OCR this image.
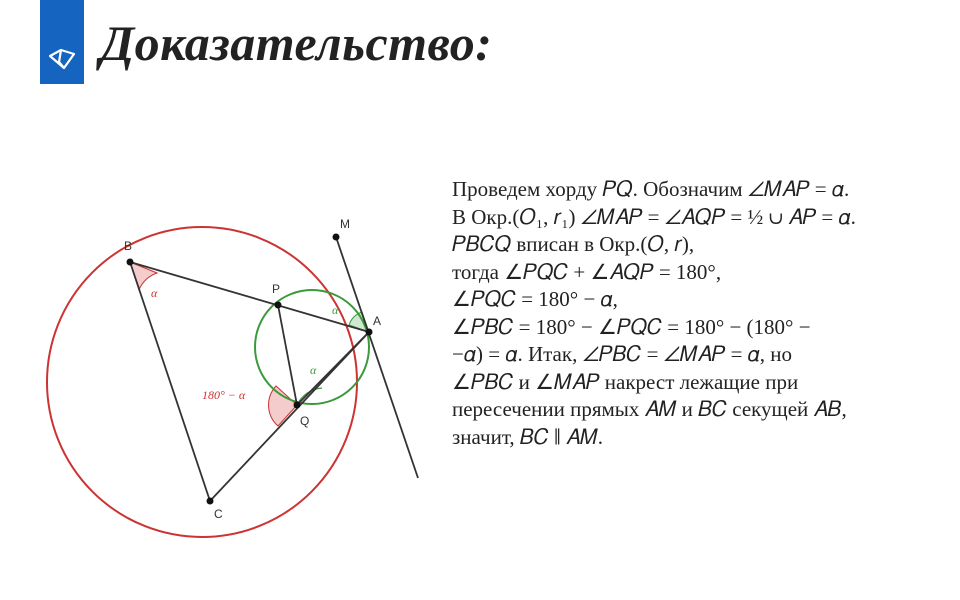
Доказательство:
B
P
A
M
Q
C
α
α
α
180° − α
Проведем хорду 𝑃𝑄. Обозначим ∠𝑀𝐴𝑃 = 𝛼.
В Окр.(𝑂₁, 𝑟₁) ∠𝑀𝐴𝑃 = ∠𝐴𝑄𝑃 = ½ ∪ 𝐴𝑃 = 𝛼.
𝑃𝐵𝐶𝑄 вписан в Окр.(𝑂, 𝑟),
тогда ∠𝑃𝑄𝐶 + ∠𝐴𝑄𝑃 = 180°,
∠𝑃𝑄𝐶 = 180° − 𝛼,
∠𝑃𝐵𝐶 = 180° − ∠𝑃𝑄𝐶 = 180° − (180° −
−𝛼) = 𝛼. Итак, ∠𝑃𝐵𝐶 = ∠𝑀𝐴𝑃 = 𝛼, но
∠𝑃𝐵𝐶 и ∠𝑀𝐴𝑃 накрест лежащие при
пересечении прямых 𝐴𝑀 и 𝐵𝐶 секущей 𝐴𝐵,
значит, 𝐵𝐶 ∥ 𝐴𝑀.
